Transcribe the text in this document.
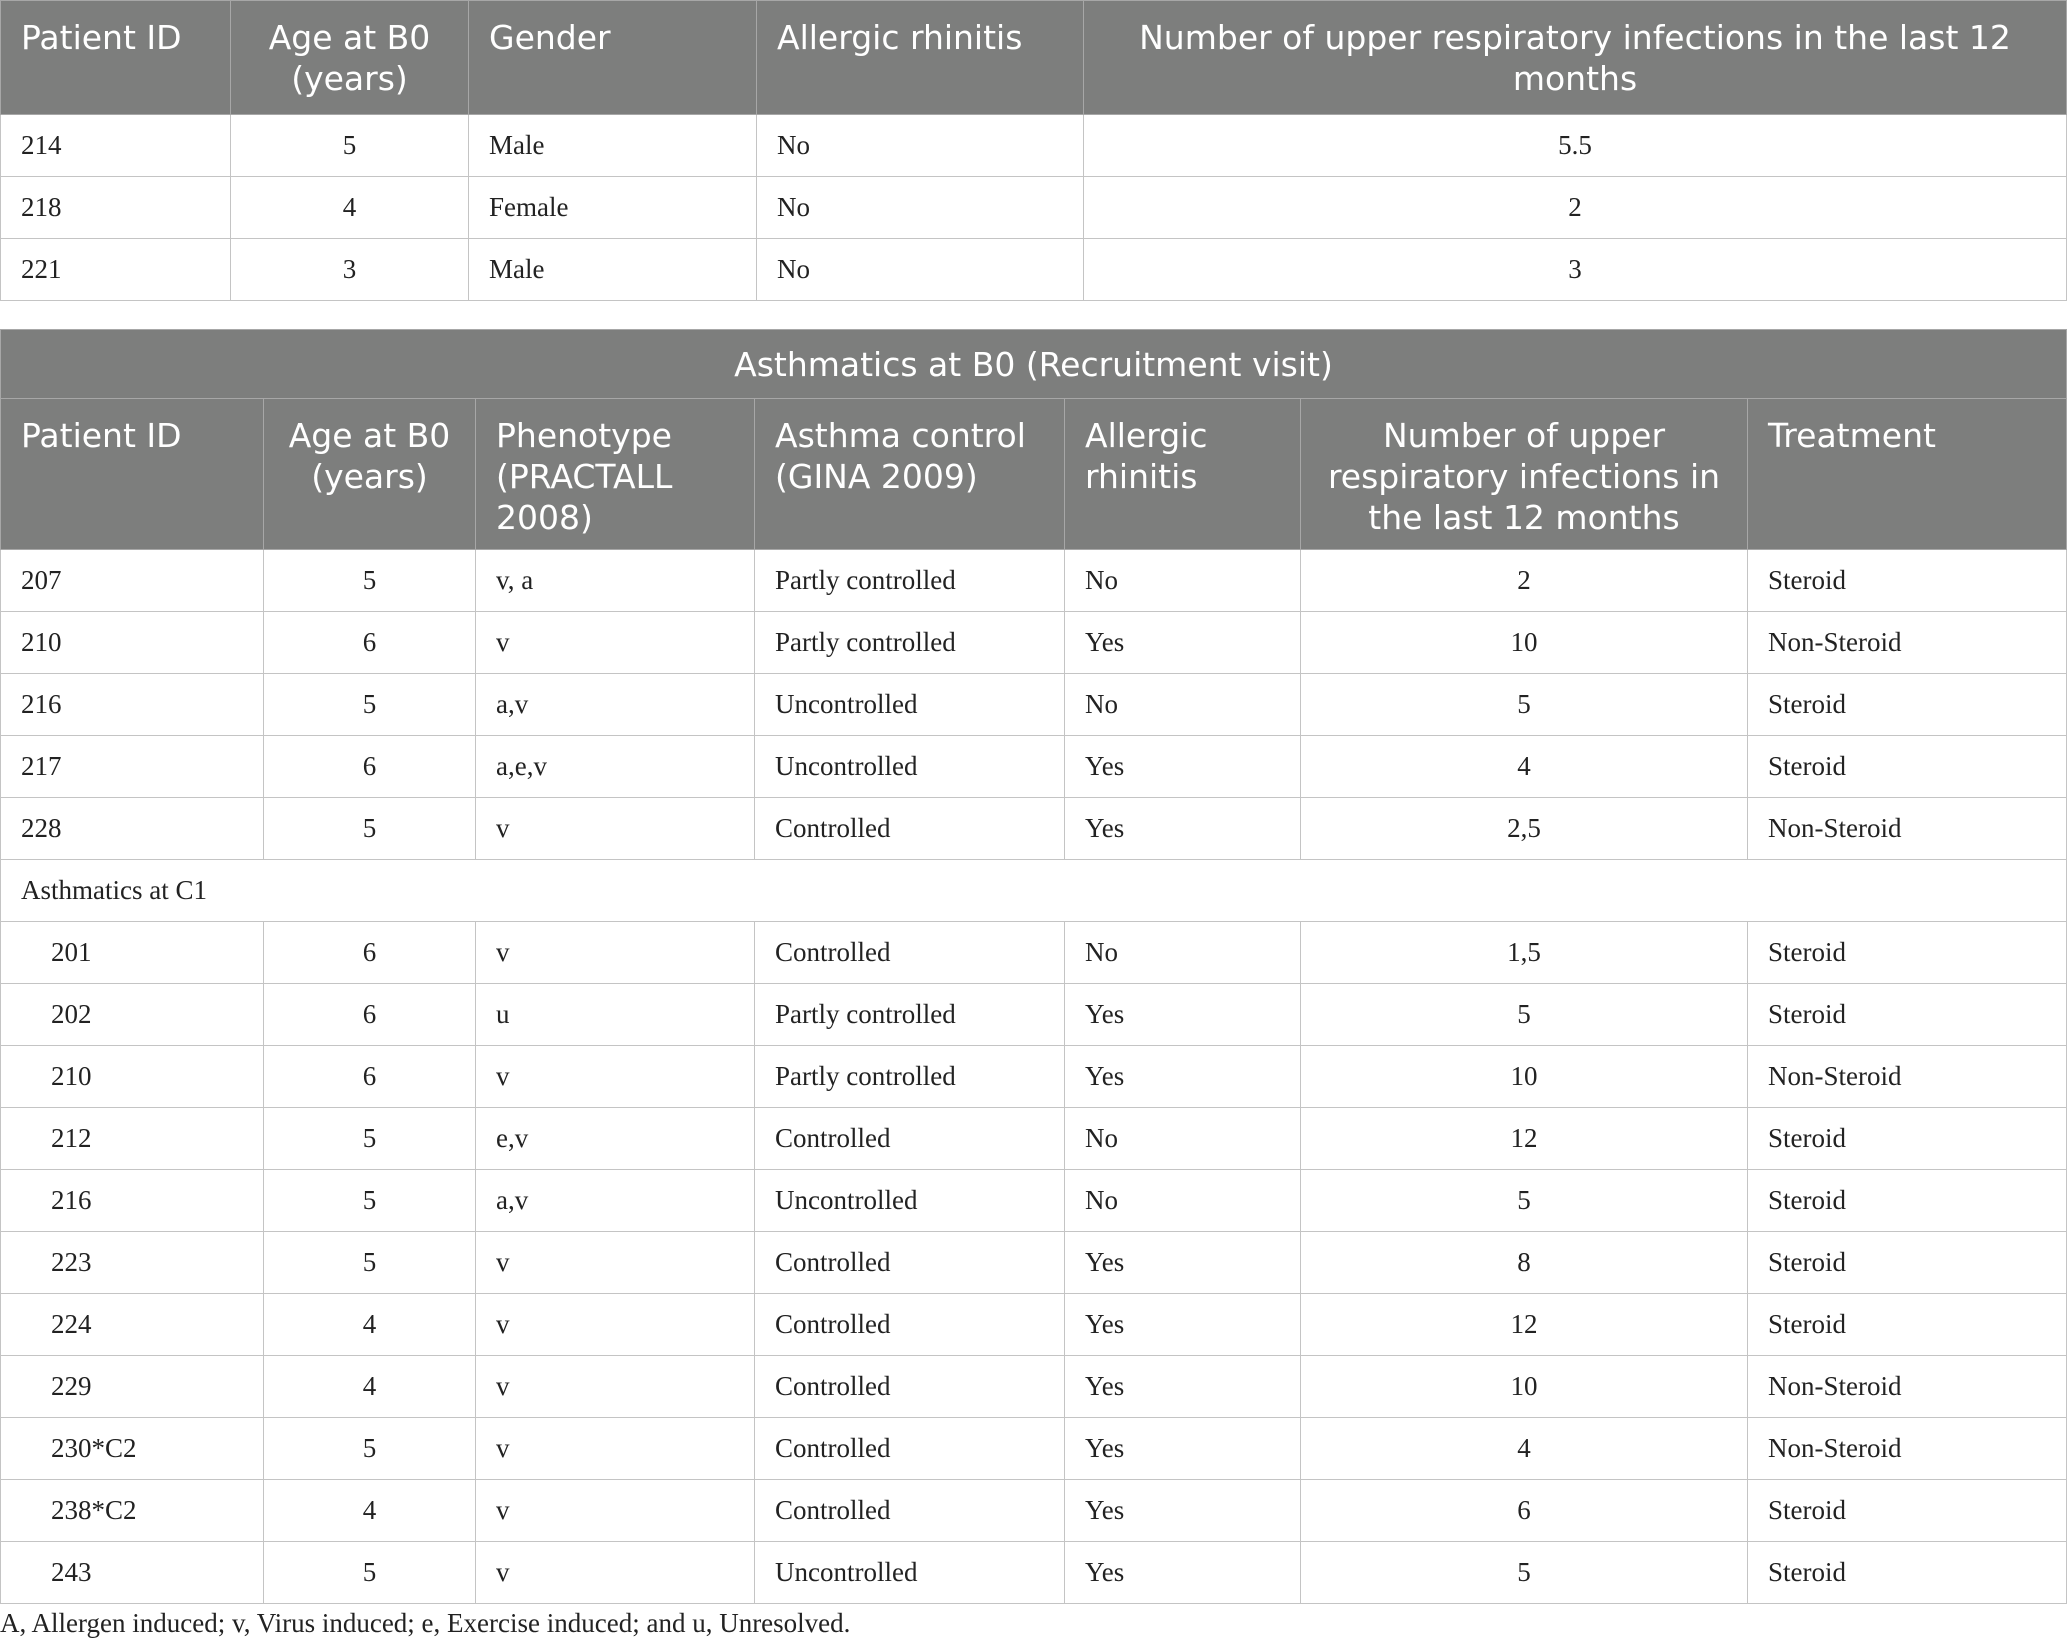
Patient ID	Age at B0 (years)	Gender	Allergic rhinitis	Number of upper respiratory infections in the last 12 months
214	5	Male	No	5.5
218	4	Female	No	2
221	3	Male	No	3
Asthmatics at B0 (Recruitment visit)						
Patient ID	Age at B0 (years)	Phenotype (PRACTALL 2008)	Asthma control (GINA 2009)	Allergic rhinitis	Number of upper respiratory infections in the last 12 months	Treatment
207	5	v, a	Partly controlled	No	2	Steroid
210	6	v	Partly controlled	Yes	10	Non-Steroid
216	5	a,v	Uncontrolled	No	5	Steroid
217	6	a,e,v	Uncontrolled	Yes	4	Steroid
228	5	v	Controlled	Yes	2,5	Non-Steroid
Asthmatics at C1						
201	6	v	Controlled	No	1,5	Steroid
202	6	u	Partly controlled	Yes	5	Steroid
210	6	v	Partly controlled	Yes	10	Non-Steroid
212	5	e,v	Controlled	No	12	Steroid
216	5	a,v	Uncontrolled	No	5	Steroid
223	5	v	Controlled	Yes	8	Steroid
224	4	v	Controlled	Yes	12	Steroid
229	4	v	Controlled	Yes	10	Non-Steroid
230*C2	5	v	Controlled	Yes	4	Non-Steroid
238*C2	4	v	Controlled	Yes	6	Steroid
243	5	v	Uncontrolled	Yes	5	Steroid

A, Allergen induced; v, Virus induced; e, Exercise induced; and u, Unresolved.
